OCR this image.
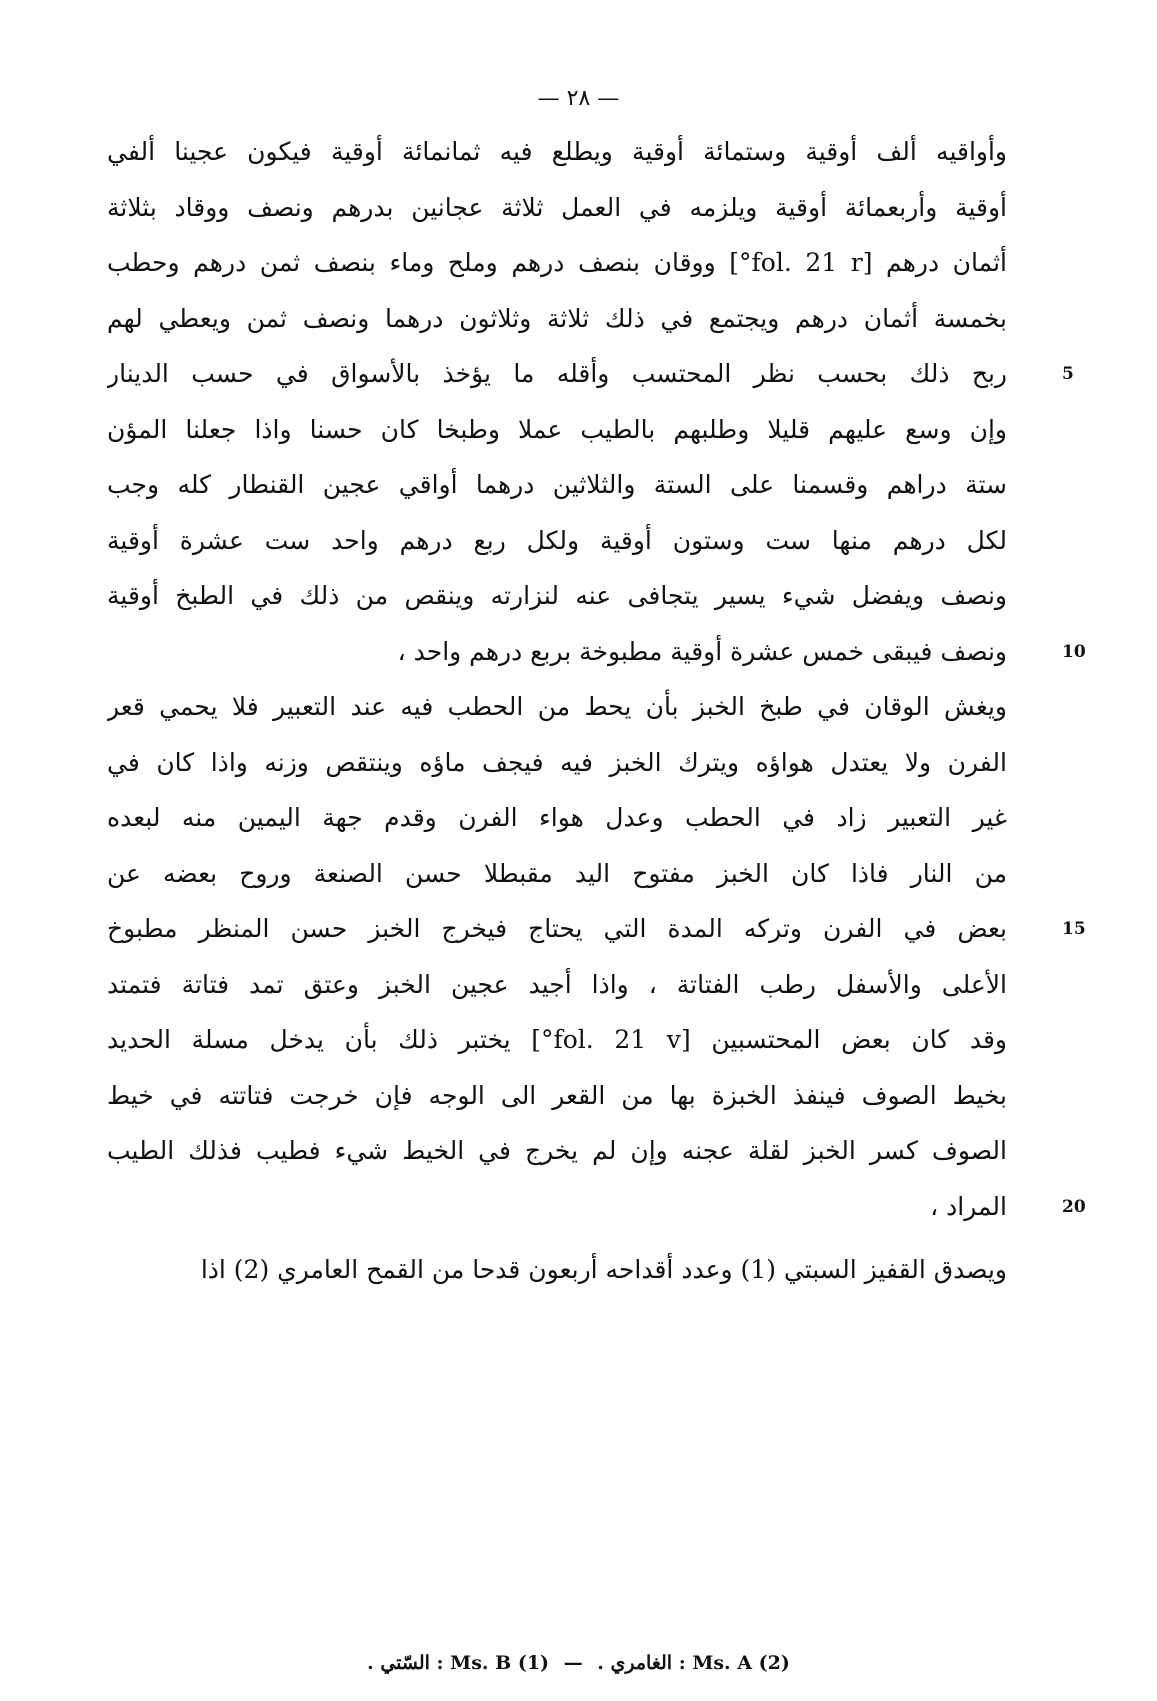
— ٢٨ —
وأواقيه ألف أوقية وستمائة أوقية ويطلع فيه ثمانمائة أوقية فيكون عجينا ألفي
أوقية وأربعمائة أوقية ويلزمه في العمل ثلاثة عجانين بدرهم ونصف ووقاد بثلاثة
أثمان درهم [fol. 21 r°] ووقان بنصف درهم وملح وماء بنصف ثمن درهم وحطب
بخمسة أثمان درهم ويجتمع في ذلك ثلاثة وثلاثون درهما ونصف ثمن ويعطي لهم
ربح ذلك بحسب نظر المحتسب وأقله ما يؤخذ بالأسواق في حسب الدينار	5
وإن وسع عليهم قليلا وطلبهم بالطيب عملا وطبخا كان حسنا واذا جعلنا المؤن
ستة دراهم وقسمنا على الستة والثلاثين درهما أواقي عجين القنطار كله وجب
لكل درهم منها ست وستون أوقية ولكل ربع درهم واحد ست عشرة أوقية
ونصف ويفضل شيء يسير يتجافى عنه لنزارته وينقص من ذلك في الطبخ أوقية
ونصف فيبقى خمس عشرة أوقية مطبوخة بربع درهم واحد ،	10
ويغش الوقان في طبخ الخبز بأن يحط من الحطب فيه عند التعبير فلا يحمي قعر
الفرن ولا يعتدل هواؤه ويترك الخبز فيه فيجف ماؤه وينتقص وزنه واذا كان في
غير التعبير زاد في الحطب وعدل هواء الفرن وقدم جهة اليمين منه لبعده
من النار فاذا كان الخبز مفتوح اليد مقبطلا حسن الصنعة وروح بعضه عن
بعض في الفرن وتركه المدة التي يحتاج فيخرج الخبز حسن المنظر مطبوخ	15
الأعلى والأسفل رطب الفتاتة ، واذا أجيد عجين الخبز وعتق تمد فتاتة فتمتد
وقد كان بعض المحتسبين [fol. 21 v°] يختبر ذلك بأن يدخل مسلة الحديد
بخيط الصوف فينفذ الخبزة بها من القعر الى الوجه فإن خرجت فتاتته في خيط
الصوف كسر الخبز لقلة عجنه وإن لم يخرج في الخيط شيء فطيب فذلك الطيب
المراد ،	20
ويصدق القفيز السبتي (1) وعدد أقداحه أربعون قدحا من القمح العامري (2) اذا
(2) Ms. A : الغامري . — (1) Ms. B : السّتي .
